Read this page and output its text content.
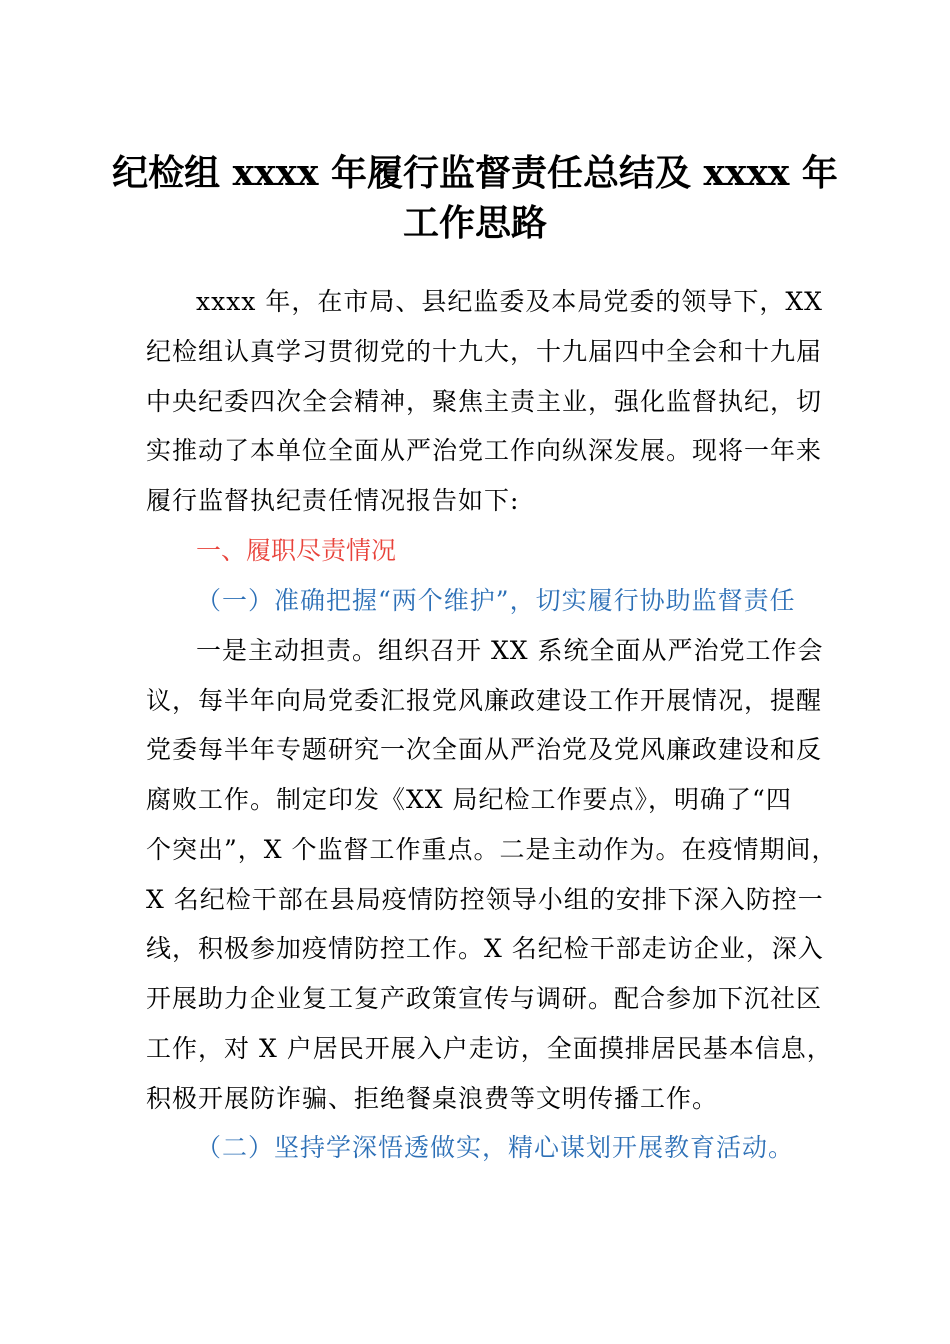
纪检组 xxxx 年履行监督责任总结及 xxxx 年
工作思路
xxxx 年，在市局、县纪监委及本局党委的领导下，XX
纪检组认真学习贯彻党的十九大，十九届四中全会和十九届
中央纪委四次全会精神，聚焦主责主业，强化监督执纪，切
实推动了本单位全面从严治党工作向纵深发展。现将一年来
履行监督执纪责任情况报告如下:
一、履职尽责情况
（一）准确把握“两个维护”，切实履行协助监督责任
一是主动担责。组织召开 XX 系统全面从严治党工作会
议，每半年向局党委汇报党风廉政建设工作开展情况，提醒
党委每半年专题研究一次全面从严治党及党风廉政建设和反
腐败工作。制定印发《XX 局纪检工作要点》，明确了“四
个突出”，X 个监督工作重点。二是主动作为。在疫情期间，
X 名纪检干部在县局疫情防控领导小组的安排下深入防控一
线，积极参加疫情防控工作。X 名纪检干部走访企业，深入
开展助力企业复工复产政策宣传与调研。配合参加下沉社区
工作，对 X 户居民开展入户走访，全面摸排居民基本信息，
积极开展防诈骗、拒绝餐桌浪费等文明传播工作。
（二）坚持学深悟透做实，精心谋划开展教育活动。
